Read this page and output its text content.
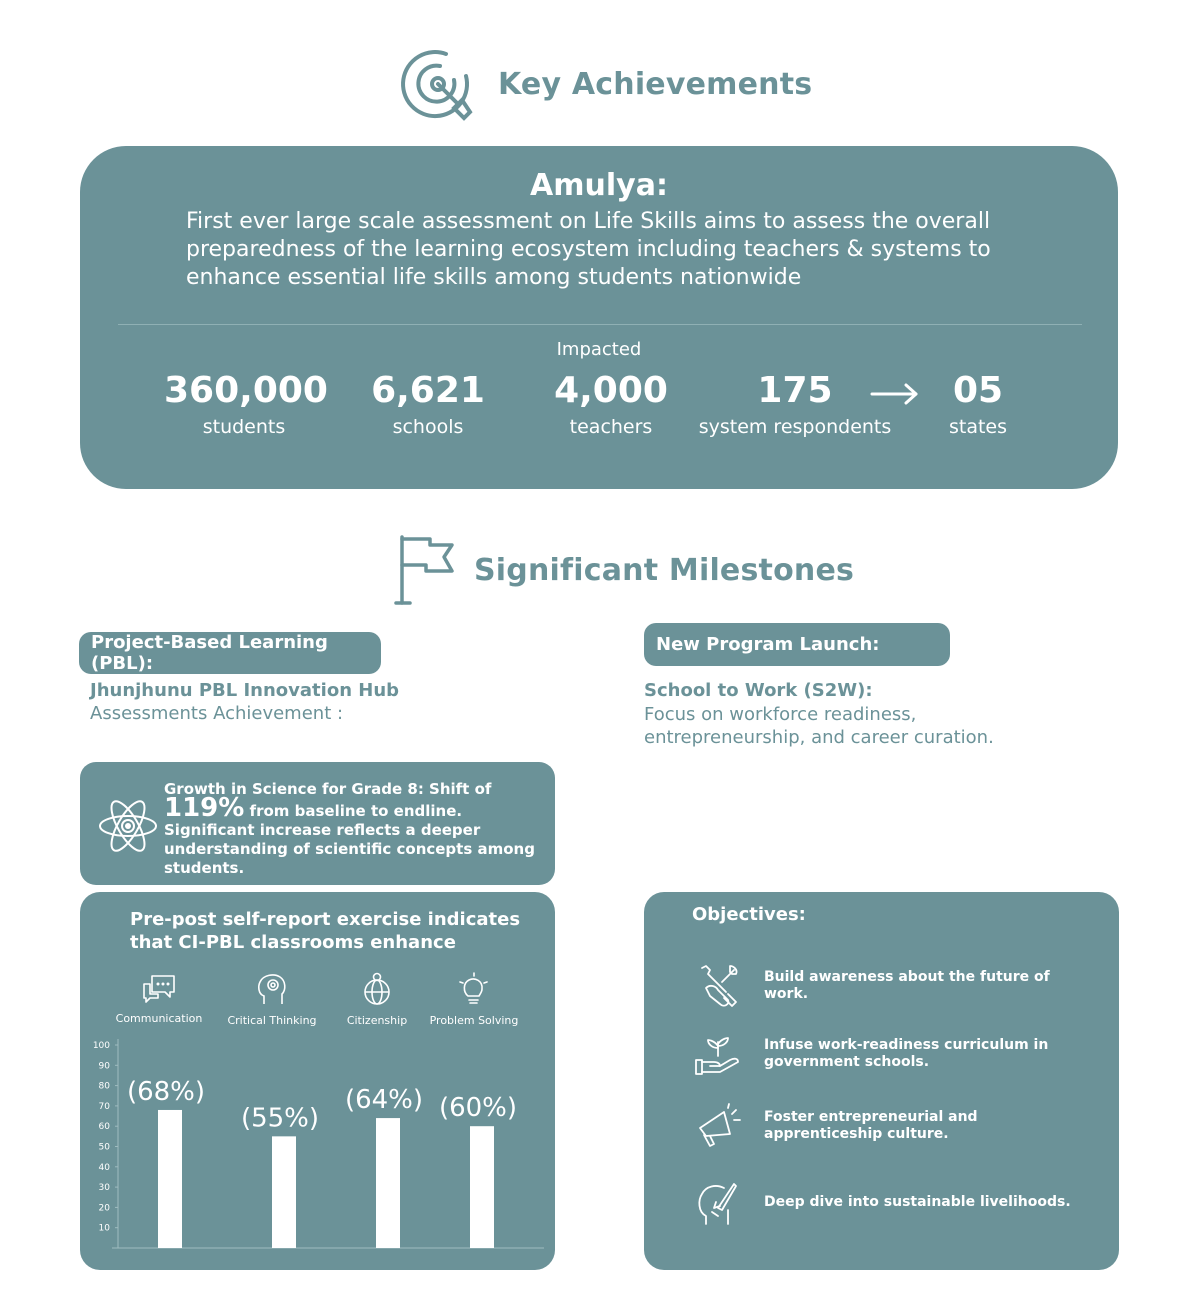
Key Achievements
Amulya:
First ever large scale assessment on Life Skills aims to assess the overall preparedness of the learning ecosystem including teachers & systems to enhance essential life skills among students nationwide
Impacted
360,000
students
6,621
schools
4,000
teachers
175
system respondents
05
states
Significant Milestones
Project-Based Learning (PBL):
Jhunjhunu PBL Innovation Hub
Assessments Achievement :
New Program Launch:
School to Work (S2W):
Focus on workforce readiness, entrepreneurship, and career curation.
Growth in Science for Grade 8: Shift of 119% from baseline to endline. Significant increase reflects a deeper understanding of scientific concepts among students.
Pre-post self-report exercise indicates that CI-PBL classrooms enhance
Communication	Critical Thinking	Citizenship	Problem Solving
10
20
30
40
50
60
70
80
90
100
(68%)
(55%)
(64%) (60%)
Objectives:
Build awareness about the future of work.
Infuse work-readiness curriculum in government schools.
Foster entrepreneurial and apprenticeship culture.
Deep dive into sustainable livelihoods.
